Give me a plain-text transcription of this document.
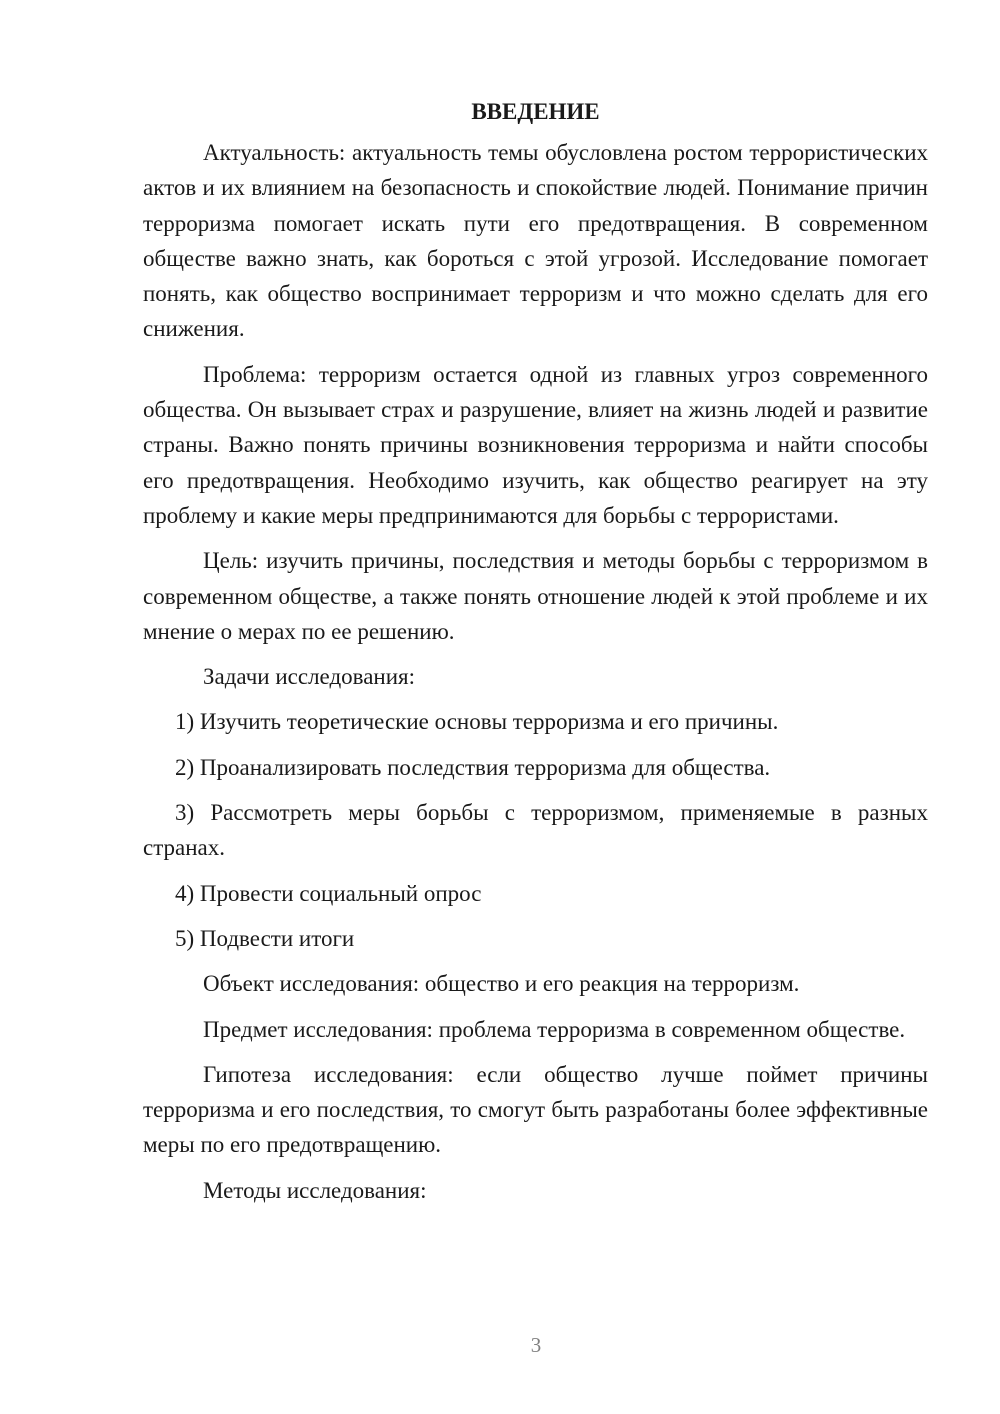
ВВЕДЕНИЕ

Актуальность: актуальность темы обусловлена ростом террористических актов и их влиянием на безопасность и спокойствие людей. Понимание причин терроризма помогает искать пути его предотвращения. В современном обществе важно знать, как бороться с этой угрозой. Исследование помогает понять, как общество воспринимает терроризм и что можно сделать для его снижения.

Проблема: терроризм остается одной из главных угроз современного общества. Он вызывает страх и разрушение, влияет на жизнь людей и развитие страны. Важно понять причины возникновения терроризма и найти способы его предотвращения. Необходимо изучить, как общество реагирует на эту проблему и какие меры предпринимаются для борьбы с террористами.

Цель: изучить причины, последствия и методы борьбы с терроризмом в современном обществе, а также понять отношение людей к этой проблеме и их мнение о мерах по ее решению.

Задачи исследования:

1) Изучить теоретические основы терроризма и его причины.

2) Проанализировать последствия терроризма для общества.

3) Рассмотреть меры борьбы с терроризмом, применяемые в разных странах.

4) Провести социальный опрос

5) Подвести итоги

Объект исследования: общество и его реакция на терроризм.

Предмет исследования: проблема терроризма в современном обществе.

Гипотеза исследования: если общество лучше поймет причины терроризма и его последствия, то смогут быть разработаны более эффективные меры по его предотвращению.

Методы исследования:

3
